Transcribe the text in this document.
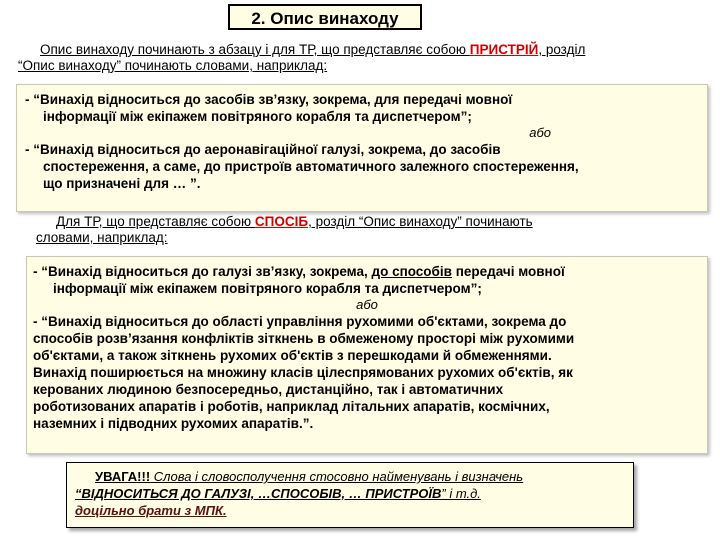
2. Опис винаходу
Опис винаходу починають з абзацу і для ТР, що представляє собою ПРИСТРІЙ, розділ
“Опис винаходу” починають словами, наприклад:

- “Винахід відноситься до засобів зв’язку, зокрема, для передачі мовної

інформації між екіпажем повітряного корабля та диспетчером”;

або

- “Винахід відноситься до аеронавігаційної галузі, зокрема, до засобів

спостереження, а саме, до пристроїв автоматичного залежного спостереження,

що призначені для … ”.

Для ТР, що представляє собою СПОСІБ, розділ “Опис винаходу” починають
словами, наприклад:

- “Винахід відноситься до галузі зв’язку, зокрема, до способів передачі мовної

інформації між екіпажем повітряного корабля та диспетчером”;

або

- “Винахід відноситься до області управління рухомими об'єктами, зокрема до

способів розв’язання конфліктів зіткнень в обмеженому просторі між рухомими

об'єктами, а також зіткнень рухомих об'єктів з перешкодами й обмеженнями.

Винахід поширюється на множину класів цілеспрямованих рухомих об'єктів, як

керованих людиною безпосередньо, дистанційно, так і автоматичних

роботизованих апаратів і роботів, наприклад літальних апаратів, космічних,

наземних і підводних рухомих апаратів.”.

УВАГА!!! Слова і словосполучення стосовно найменувань і визначень
“ВІДНОСИТЬСЯ ДО ГАЛУЗІ, …СПОСОБІВ, … ПРИСТРОЇВ” і т.д.
доцільно брати з МПК.
